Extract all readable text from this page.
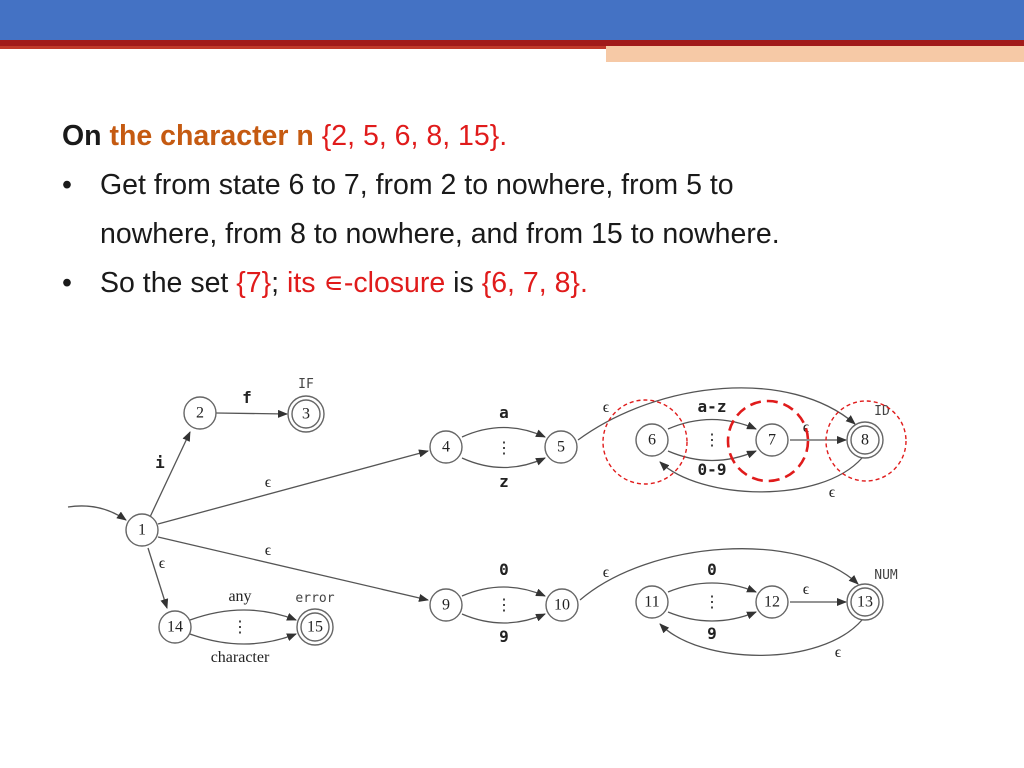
On the character n {2, 5, 6, 8, 15}.
• Get from state 6 to 7, from 2 to nowhere, from 5 to
nowhere, from 8 to nowhere, and from 15 to nowhere.
• So the set {7}; its ∊-closure is {6, 7, 8}.
1
2	3
4	5	6	7	8
9	10	11	12	13
14	15
IF
ID
NUM
error
i
f
ϵ
ϵ
ϵ
a
⋮
z
ϵ	a-z
⋮
0-9
ϵ
ϵ
0
⋮
9
ϵ	0
⋮
9
ϵ
ϵ
any
⋮
character
